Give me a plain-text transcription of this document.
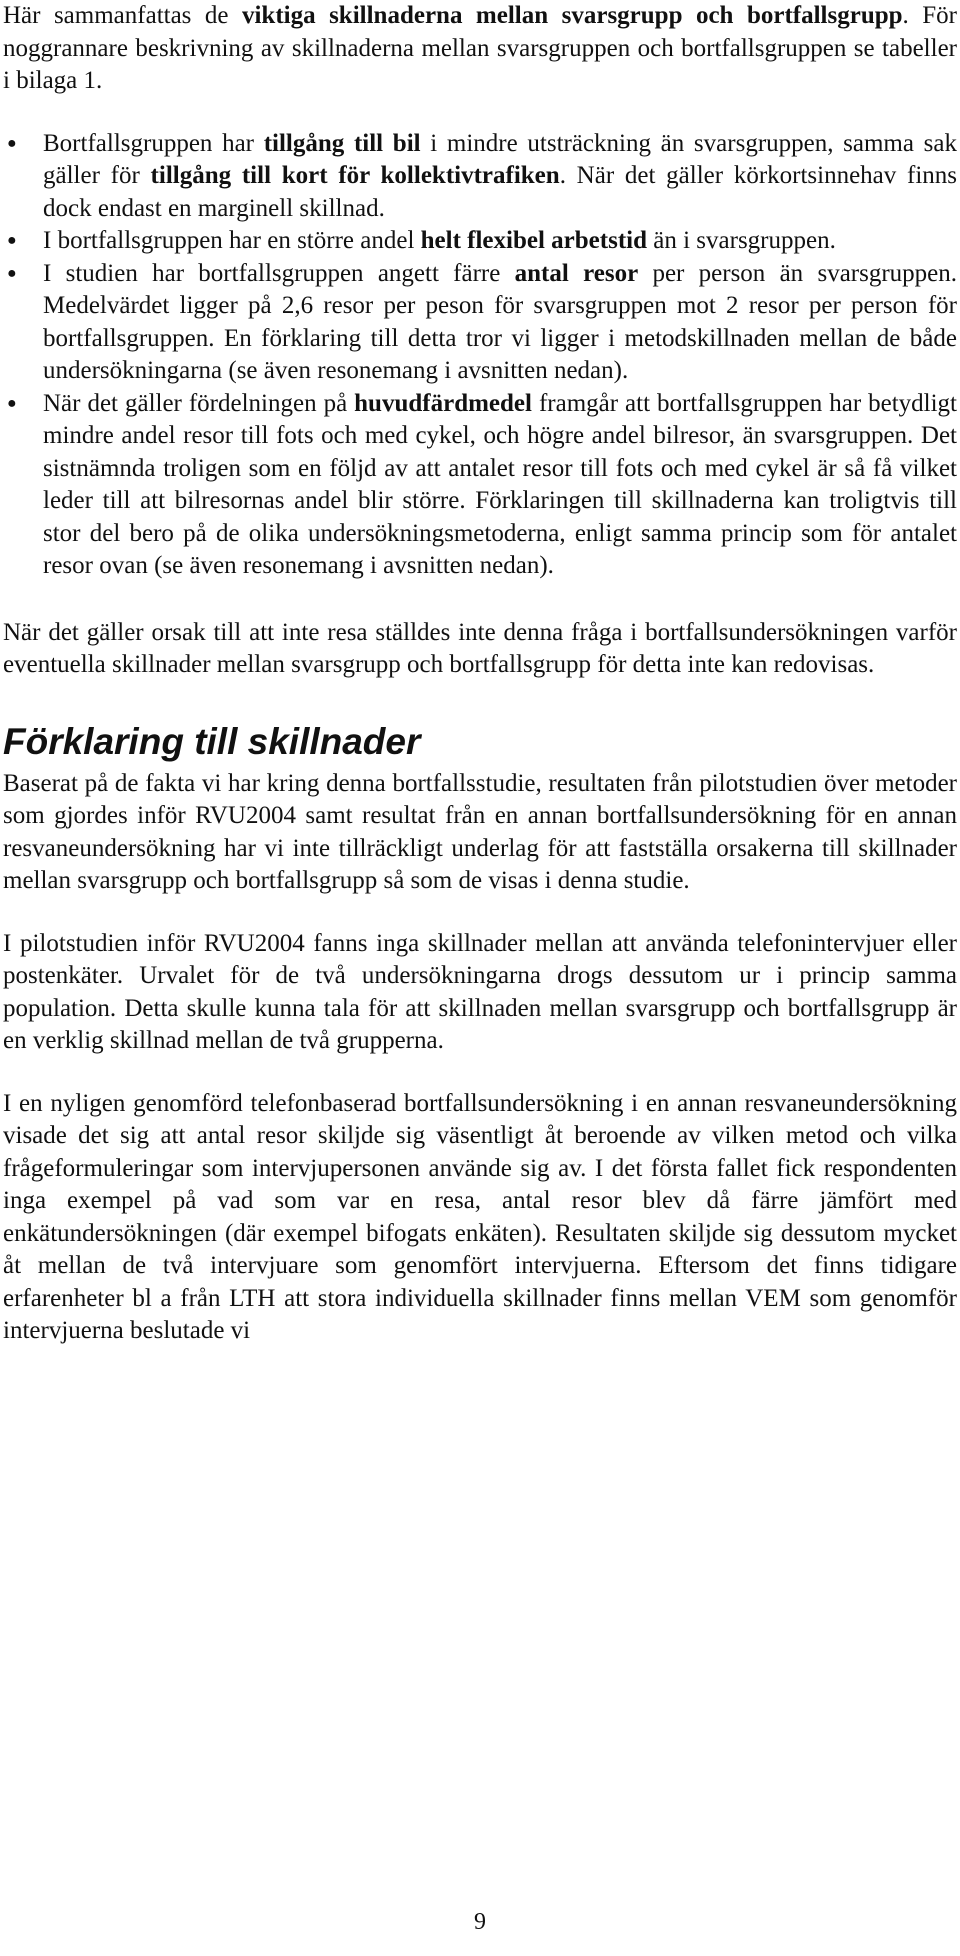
Här sammanfattas de viktiga skillnaderna mellan svarsgrupp och bortfallsgrupp. För noggrannare beskrivning av skillnaderna mellan svarsgruppen och bortfallsgruppen se tabeller i bilaga 1.

● Bortfallsgruppen har tillgång till bil i mindre utsträckning än svarsgruppen, samma sak gäller för tillgång till kort för kollektivtrafiken. När det gäller körkortsinnehav finns dock endast en marginell skillnad.
● I bortfallsgruppen har en större andel helt flexibel arbetstid än i svarsgruppen.
● I studien har bortfallsgruppen angett färre antal resor per person än svarsgruppen. Medelvärdet ligger på 2,6 resor per peson för svarsgruppen mot 2 resor per person för bortfallsgruppen. En förklaring till detta tror vi ligger i metodskillnaden mellan de både undersökningarna (se även resonemang i avsnitten nedan).
● När det gäller fördelningen på huvudfärdmedel framgår att bortfallsgruppen har betydligt mindre andel resor till fots och med cykel, och högre andel bilresor, än svarsgruppen. Det sistnämnda troligen som en följd av att antalet resor till fots och med cykel är så få vilket leder till att bilresornas andel blir större. Förklaringen till skillnaderna kan troligtvis till stor del bero på de olika undersökningsmetoderna, enligt samma princip som för antalet resor ovan (se även resonemang i avsnitten nedan).

När det gäller orsak till att inte resa ställdes inte denna fråga i bortfallsundersökningen varför eventuella skillnader mellan svarsgrupp och bortfallsgrupp för detta inte kan redovisas.

Förklaring till skillnader

Baserat på de fakta vi har kring denna bortfallsstudie, resultaten från pilotstudien över metoder som gjordes inför RVU2004 samt resultat från en annan bortfallsundersökning för en annan resvaneundersökning har vi inte tillräckligt underlag för att fastställa orsakerna till skillnader mellan svarsgrupp och bortfallsgrupp så som de visas i denna studie.

I pilotstudien inför RVU2004 fanns inga skillnader mellan att använda telefonintervjuer eller postenkäter. Urvalet för de två undersökningarna drogs dessutom ur i princip samma population. Detta skulle kunna tala för att skillnaden mellan svarsgrupp och bortfallsgrupp är en verklig skillnad mellan de två grupperna.

I en nyligen genomförd telefonbaserad bortfallsundersökning i en annan resvaneundersökning visade det sig att antal resor skiljde sig väsentligt åt beroende av vilken metod och vilka frågeformuleringar som intervjupersonen använde sig av. I det första fallet fick respondenten inga exempel på vad som var en resa, antal resor blev då färre jämfört med enkätundersökningen (där exempel bifogats enkäten). Resultaten skiljde sig dessutom mycket åt mellan de två intervjuare som genomfört intervjuerna. Eftersom det finns tidigare erfarenheter bl a från LTH att stora individuella skillnader finns mellan VEM som genomför intervjuerna beslutade vi

9
